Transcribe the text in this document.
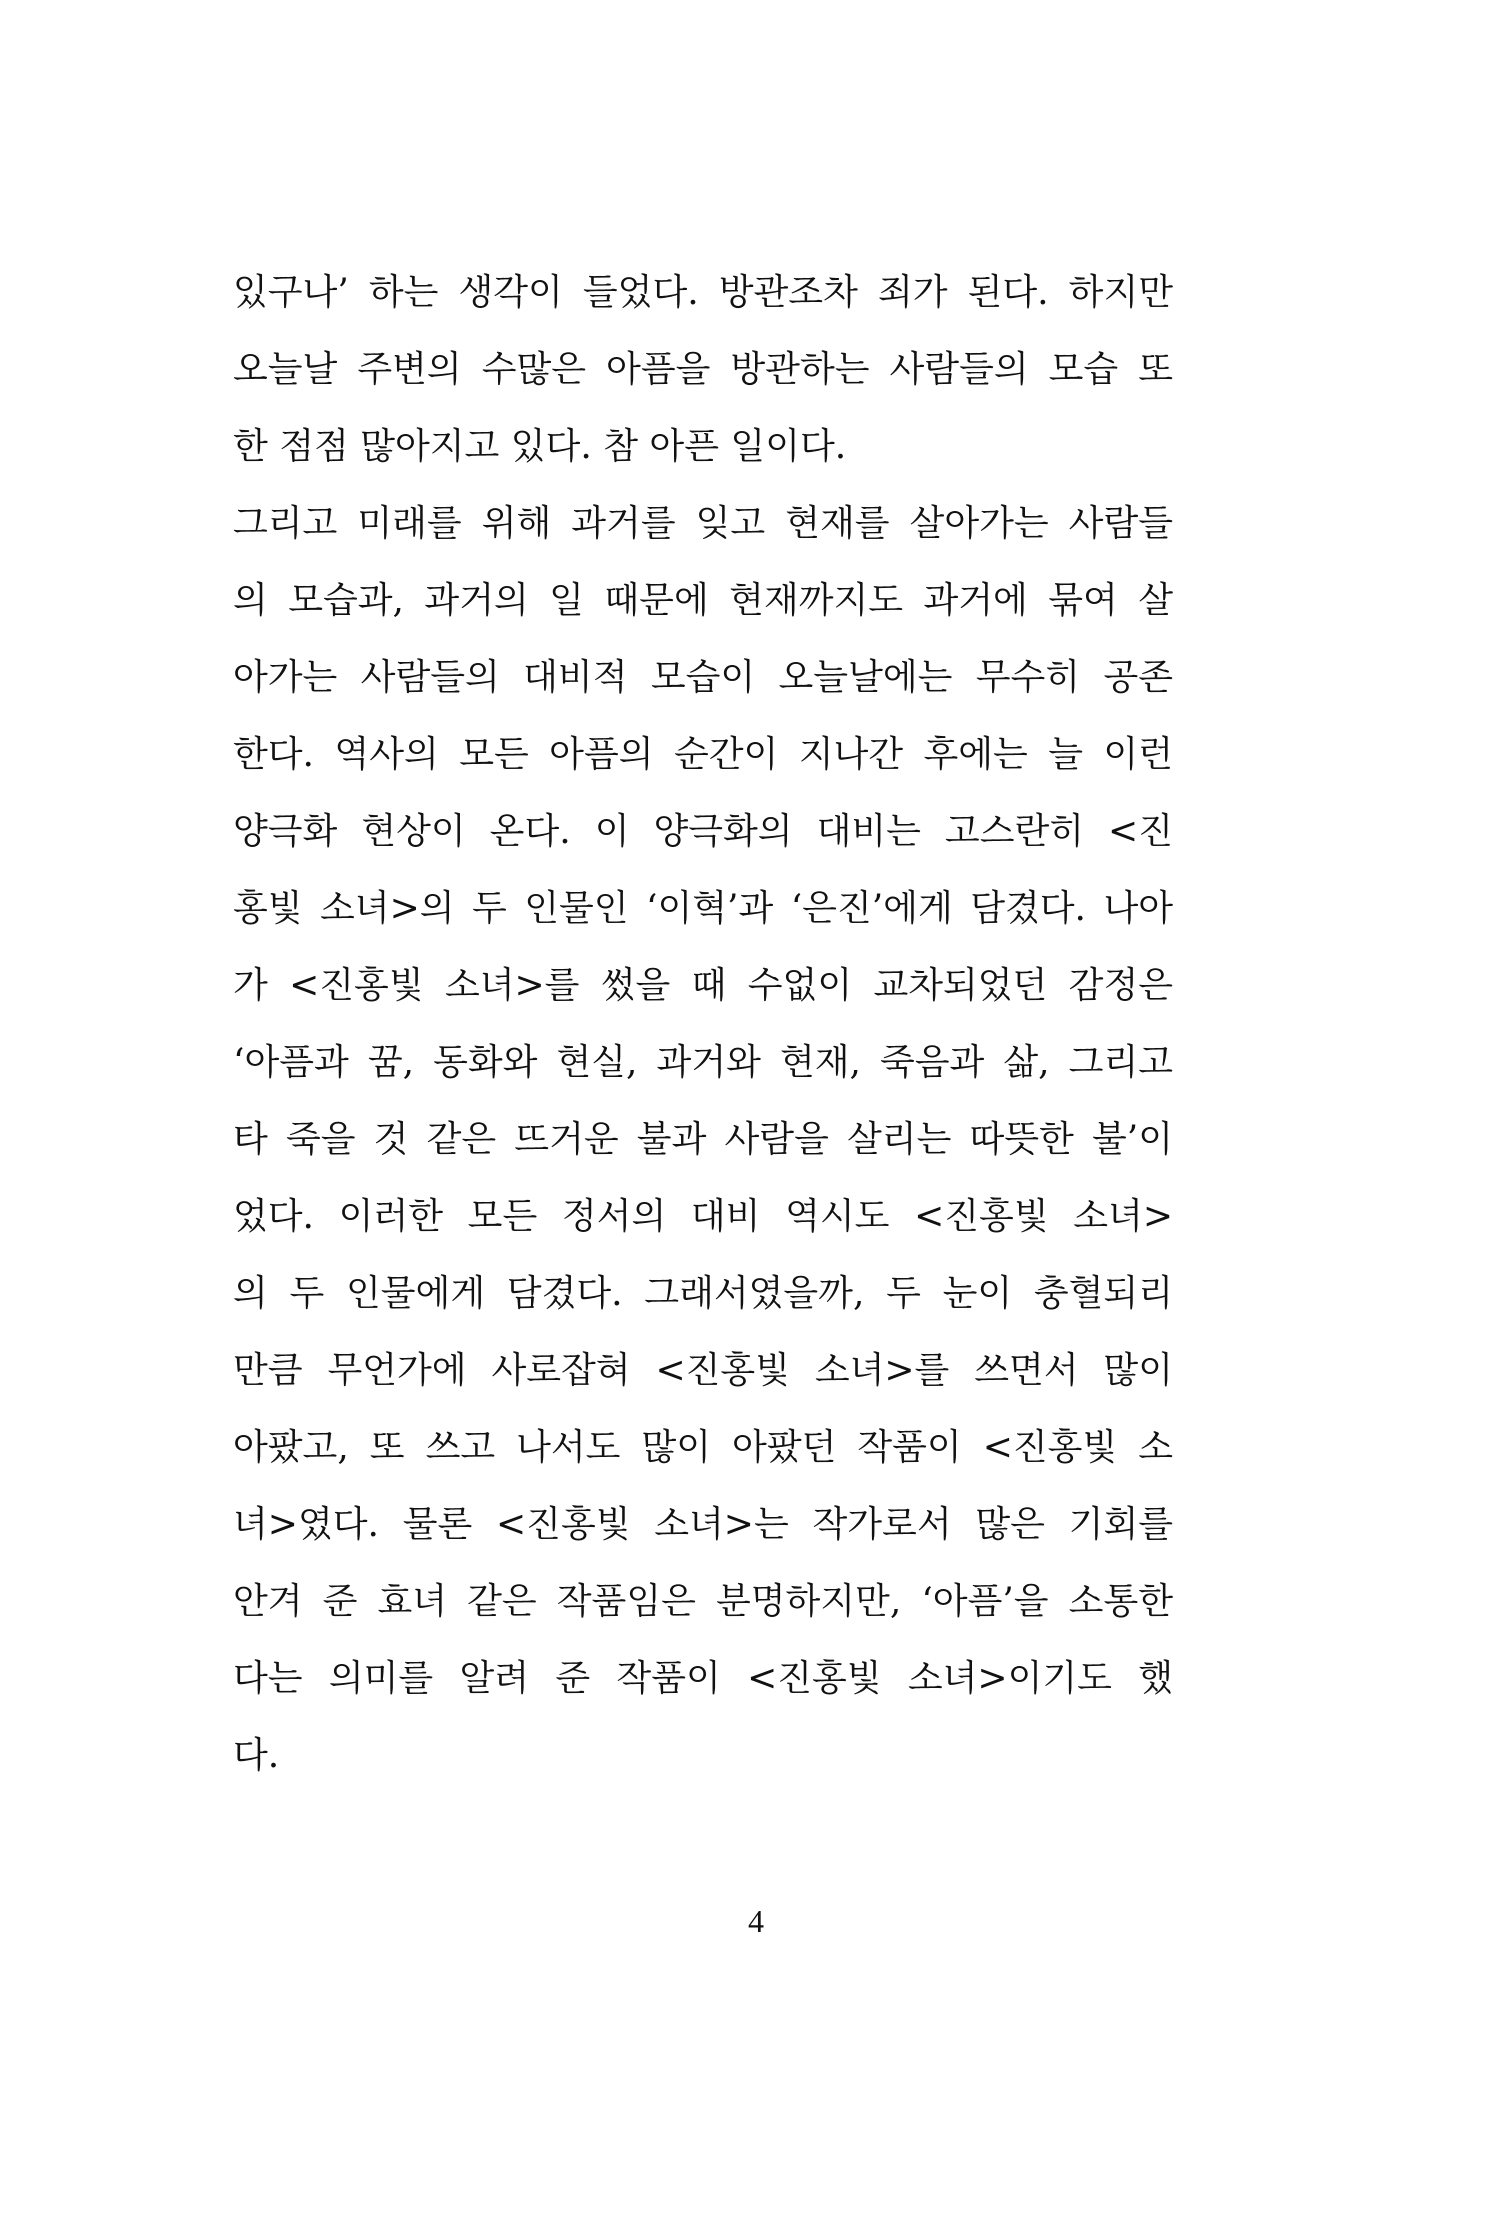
있구나’ 하는 생각이 들었다. 방관조차 죄가 된다. 하지만
오늘날 주변의 수많은 아픔을 방관하는 사람들의 모습 또
한 점점 많아지고 있다. 참 아픈 일이다.
그리고 미래를 위해 과거를 잊고 현재를 살아가는 사람들
의 모습과, 과거의 일 때문에 현재까지도 과거에 묶여 살
아가는 사람들의 대비적 모습이 오늘날에는 무수히 공존
한다. 역사의 모든 아픔의 순간이 지나간 후에는 늘 이런
양극화 현상이 온다. 이 양극화의 대비는 고스란히 <진
홍빛 소녀>의 두 인물인 ‘이혁’과 ‘은진’에게 담겼다. 나아
가 <진홍빛 소녀>를 썼을 때 수없이 교차되었던 감정은
‘아픔과 꿈, 동화와 현실, 과거와 현재, 죽음과 삶, 그리고
타 죽을 것 같은 뜨거운 불과 사람을 살리는 따뜻한 불’이
었다. 이러한 모든 정서의 대비 역시도 <진홍빛 소녀>
의 두 인물에게 담겼다. 그래서였을까, 두 눈이 충혈되리
만큼 무언가에 사로잡혀 <진홍빛 소녀>를 쓰면서 많이
아팠고, 또 쓰고 나서도 많이 아팠던 작품이 <진홍빛 소
녀>였다. 물론 <진홍빛 소녀>는 작가로서 많은 기회를
안겨 준 효녀 같은 작품임은 분명하지만, ‘아픔’을 소통한
다는 의미를 알려 준 작품이 <진홍빛 소녀>이기도 했
다.
4
